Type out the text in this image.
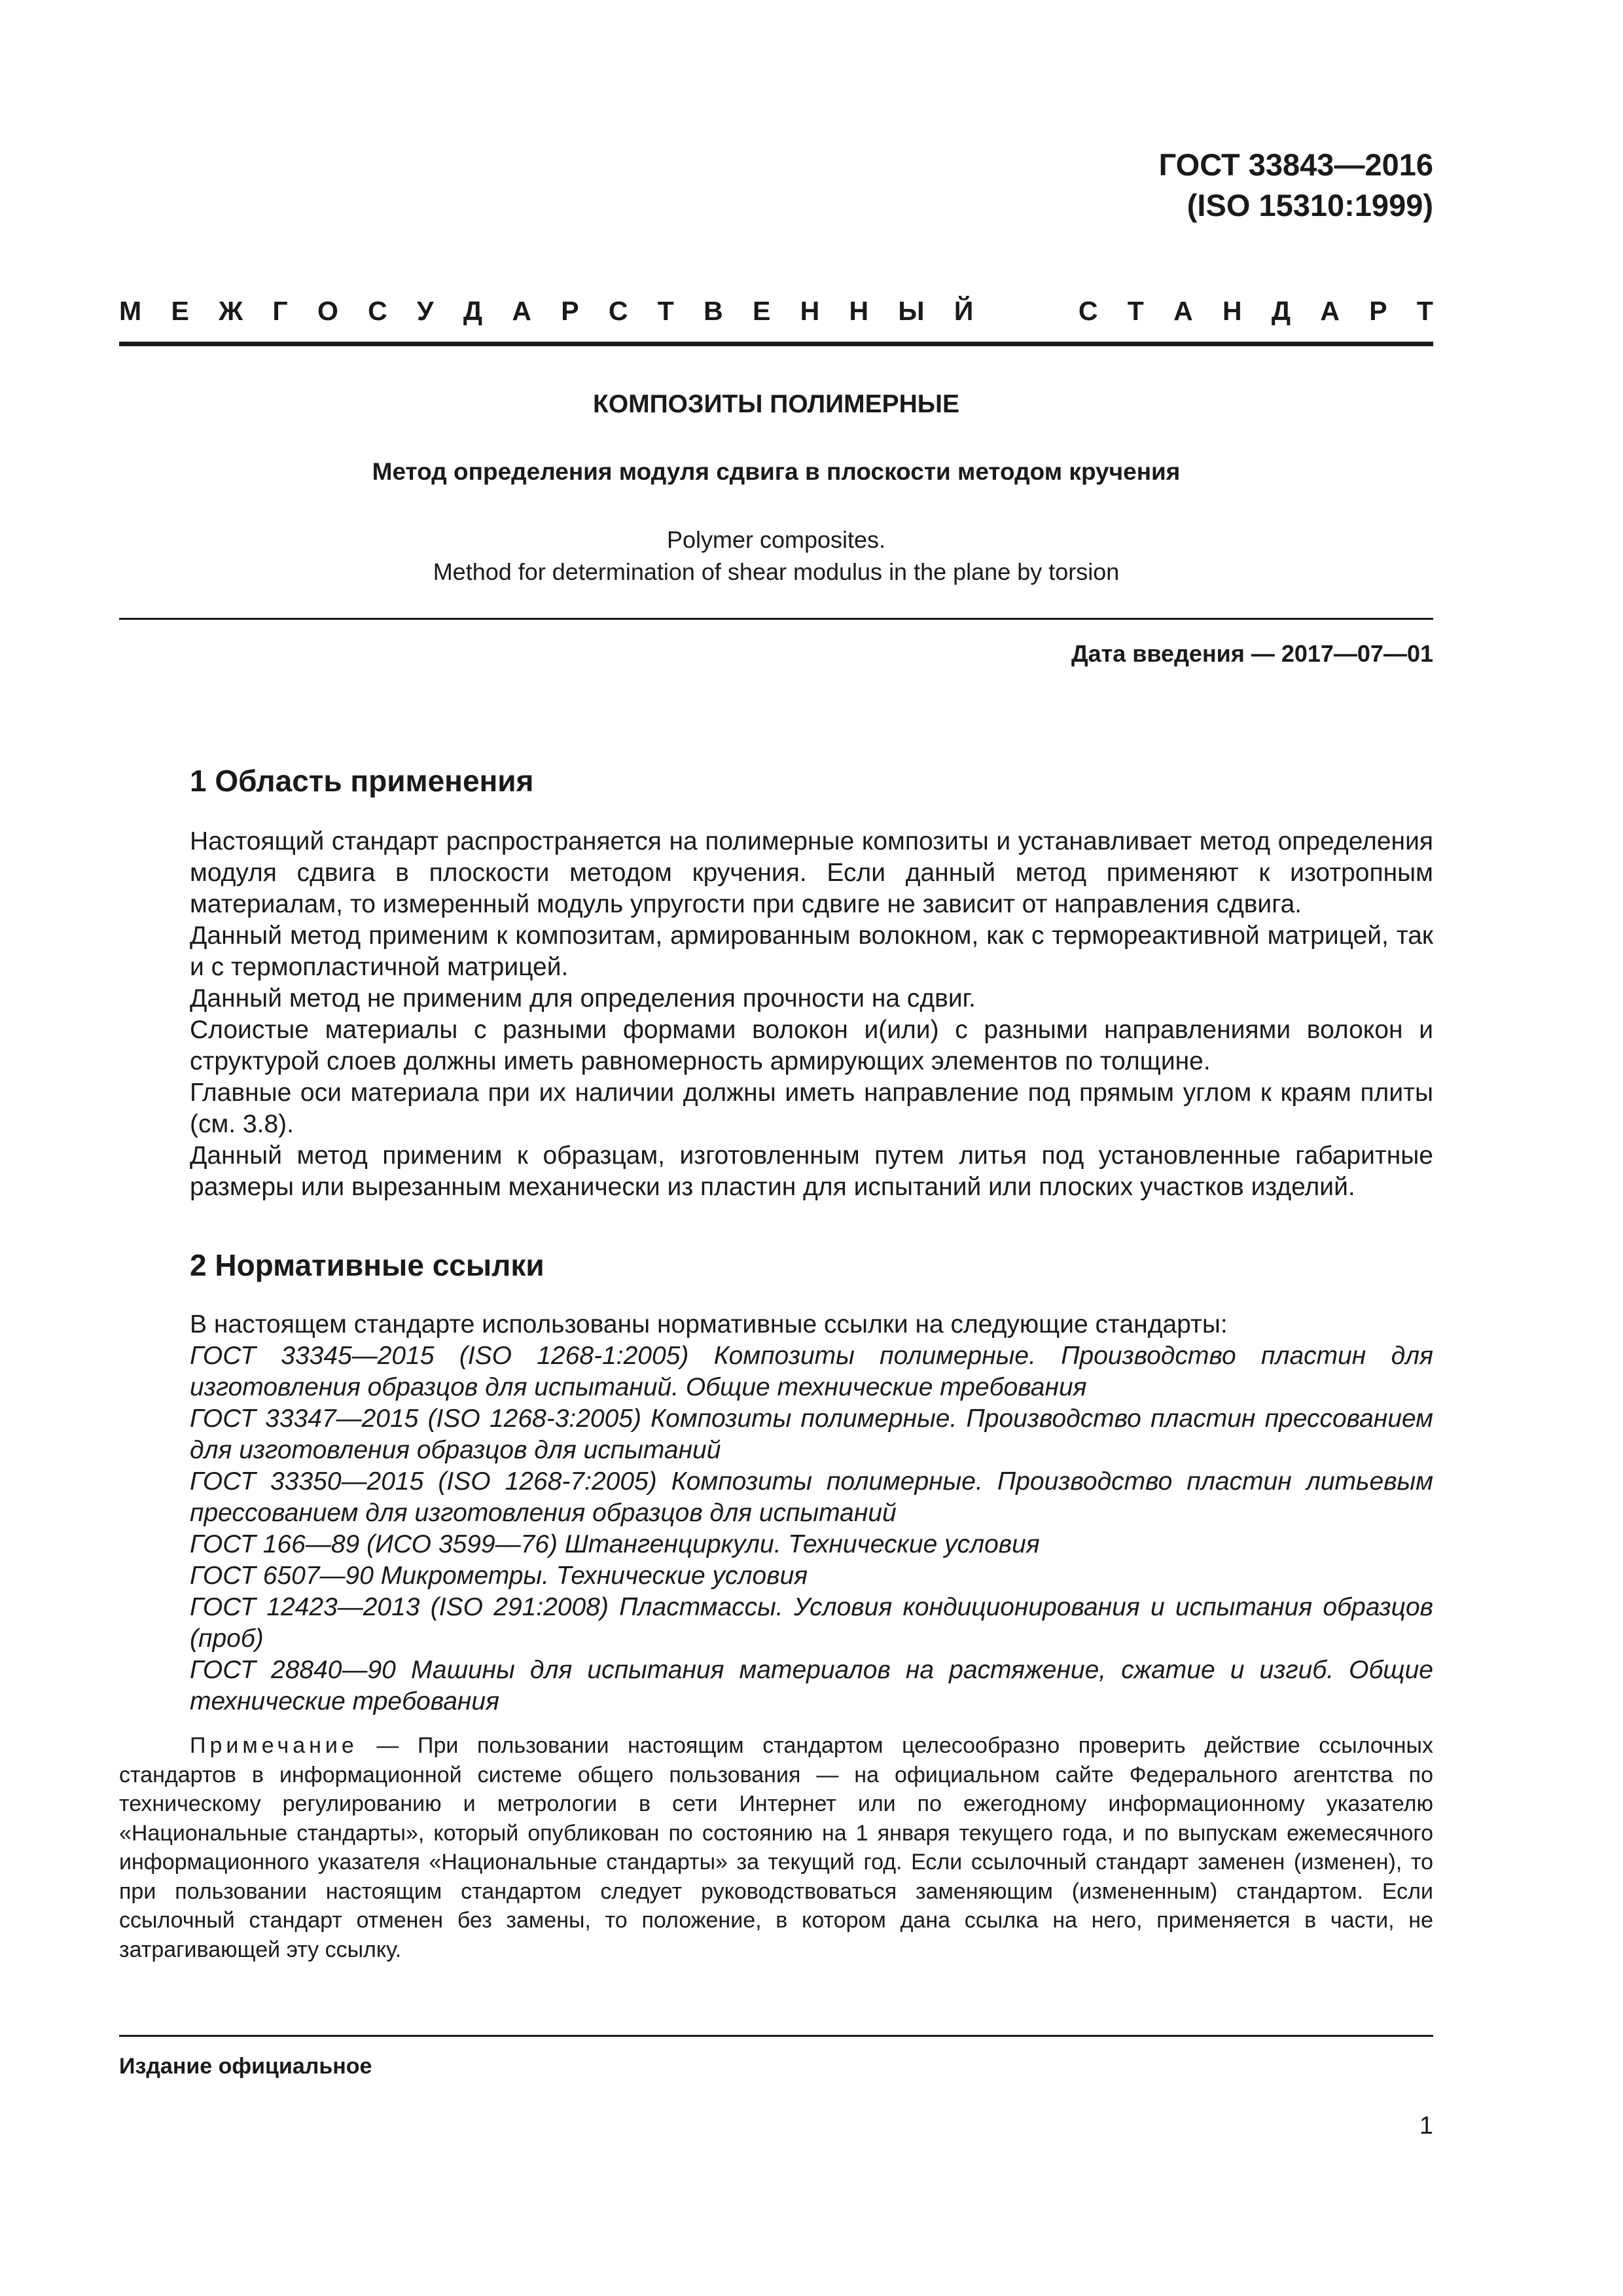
ГОСТ 33843—2016
(ISO 15310:1999)
М Е Ж Г О С У Д А Р С Т В Е Н Н Ы Й	С Т А Н Д А Р Т
КОМПОЗИТЫ ПОЛИМЕРНЫЕ
Метод определения модуля сдвига в плоскости методом кручения
Polymer composites.
Method for determination of shear modulus in the plane by torsion
Дата введения — 2017—07—01
1 Область применения

Настоящий стандарт распространяется на полимерные композиты и устанавливает метод определения модуля сдвига в плоскости методом кручения. Если данный метод применяют к изотропным материалам, то измеренный модуль упругости при сдвиге не зависит от направления сдвига.

Данный метод применим к композитам, армированным волокном, как с термореактивной матрицей, так и с термопластичной матрицей.

Данный метод не применим для определения прочности на сдвиг.

Слоистые материалы с разными формами волокон и(или) с разными направлениями волокон и структурой слоев должны иметь равномерность армирующих элементов по толщине.

Главные оси материала при их наличии должны иметь направление под прямым углом к краям плиты (см. 3.8).

Данный метод применим к образцам, изготовленным путем литья под установленные габаритные размеры или вырезанным механически из пластин для испытаний или плоских участков изделий.

2 Нормативные ссылки

В настоящем стандарте использованы нормативные ссылки на следующие стандарты:

ГОСТ 33345—2015 (ISO 1268-1:2005) Композиты полимерные. Производство пластин для изготовления образцов для испытаний. Общие технические требования

ГОСТ 33347—2015 (ISO 1268-3:2005) Композиты полимерные. Производство пластин прессованием для изготовления образцов для испытаний

ГОСТ 33350—2015 (ISO 1268-7:2005) Композиты полимерные. Производство пластин литьевым прессованием для изготовления образцов для испытаний

ГОСТ 166—89 (ИСО 3599—76) Штангенциркули. Технические условия

ГОСТ 6507—90 Микрометры. Технические условия

ГОСТ 12423—2013 (ISO 291:2008) Пластмассы. Условия кондиционирования и испытания образцов (проб)

ГОСТ 28840—90 Машины для испытания материалов на растяжение, сжатие и изгиб. Общие технические требования

Примечание — При пользовании настоящим стандартом целесообразно проверить действие ссылочных стандартов в информационной системе общего пользования — на официальном сайте Федерального агентства по техническому регулированию и метрологии в сети Интернет или по ежегодному информационному указателю «Национальные стандарты», который опубликован по состоянию на 1 января текущего года, и по выпускам ежемесячного информационного указателя «Национальные стандарты» за текущий год. Если ссылочный стандарт заменен (изменен), то при пользовании настоящим стандартом следует руководствоваться заменяющим (измененным) стандартом. Если ссылочный стандарт отменен без замены, то положение, в котором дана ссылка на него, применяется в части, не затрагивающей эту ссылку.

Издание официальное
1
